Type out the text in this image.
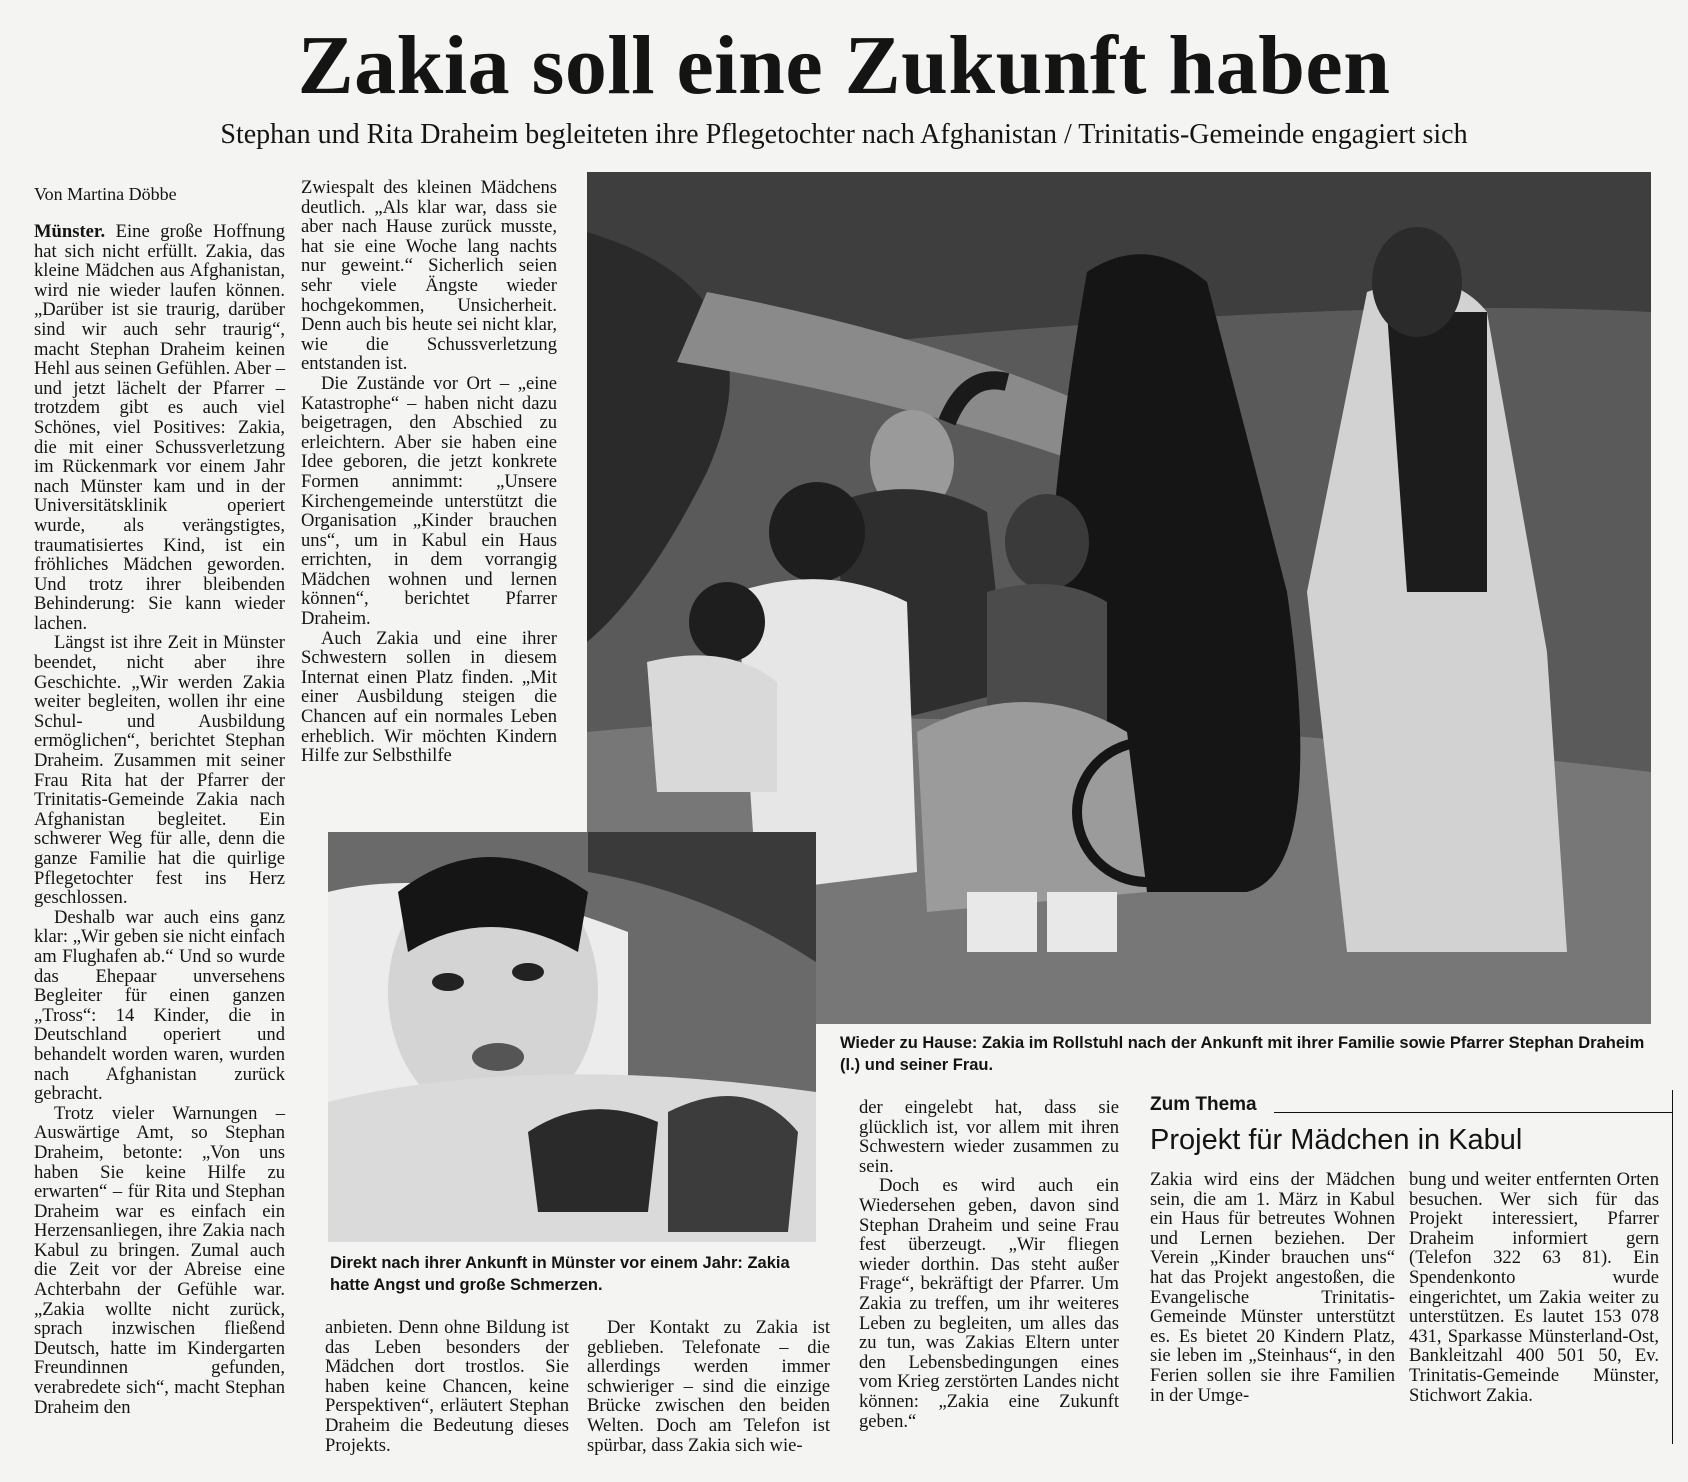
Zakia soll eine Zukunft haben
Stephan und Rita Draheim begleiteten ihre Pflegetochter nach Afghanistan / Trinitatis-Gemeinde engagiert sich
Von Martina Döbbe

Münster. Eine große Hoffnung hat sich nicht erfüllt. Zakia, das kleine Mädchen aus Afghanistan, wird nie wieder laufen können. „Darüber ist sie traurig, darüber sind wir auch sehr traurig“, macht Stephan Draheim keinen Hehl aus seinen Gefühlen. Aber – und jetzt lächelt der Pfarrer – trotzdem gibt es auch viel Schönes, viel Positives: Zakia, die mit einer Schussverletzung im Rückenmark vor einem Jahr nach Münster kam und in der Universitätsklinik operiert wurde, als verängstigtes, traumatisiertes Kind, ist ein fröhliches Mädchen geworden. Und trotz ihrer bleibenden Behinderung: Sie kann wieder lachen.

Längst ist ihre Zeit in Münster beendet, nicht aber ihre Geschichte. „Wir werden Zakia weiter begleiten, wollen ihr eine Schul- und Ausbildung ermöglichen“, berichtet Stephan Draheim. Zusammen mit seiner Frau Rita hat der Pfarrer der Trinitatis-Gemeinde Zakia nach Afghanistan begleitet. Ein schwerer Weg für alle, denn die ganze Familie hat die quirlige Pflegetochter fest ins Herz geschlossen.

Deshalb war auch eins ganz klar: „Wir geben sie nicht einfach am Flughafen ab.“ Und so wurde das Ehepaar unversehens Begleiter für einen ganzen „Tross“: 14 Kinder, die in Deutschland operiert und behandelt worden waren, wurden nach Afghanistan zurück gebracht.

Trotz vieler Warnungen – Auswärtige Amt, so Stephan Draheim, betonte: „Von uns haben Sie keine Hilfe zu erwarten“ – für Rita und Stephan Draheim war es einfach ein Herzensanliegen, ihre Zakia nach Kabul zu bringen. Zumal auch die Zeit vor der Abreise eine Achterbahn der Gefühle war. „Zakia wollte nicht zurück, sprach inzwischen fließend Deutsch, hatte im Kindergarten Freundinnen gefunden, verabredete sich“, macht Stephan Draheim den

Zwiespalt des kleinen Mädchens deutlich. „Als klar war, dass sie aber nach Hause zurück musste, hat sie eine Woche lang nachts nur geweint.“ Sicherlich seien sehr viele Ängste wieder hochgekommen, Unsicherheit. Denn auch bis heute sei nicht klar, wie die Schussverletzung entstanden ist.

Die Zustände vor Ort – „eine Katastrophe“ – haben nicht dazu beigetragen, den Abschied zu erleichtern. Aber sie haben eine Idee geboren, die jetzt konkrete Formen annimmt: „Unsere Kirchengemeinde unterstützt die Organisation „Kinder brauchen uns“, um in Kabul ein Haus errichten, in dem vorrangig Mädchen wohnen und lernen können“, berichtet Pfarrer Draheim.

Auch Zakia und eine ihrer Schwestern sollen in diesem Internat einen Platz finden. „Mit einer Ausbildung steigen die Chancen auf ein normales Leben erheblich. Wir möchten Kindern Hilfe zur Selbsthilfe

Direkt nach ihrer Ankunft in Münster vor einem Jahr: Zakia hatte Angst und große Schmerzen.
Wieder zu Hause: Zakia im Rollstuhl nach der Ankunft mit ihrer Familie sowie Pfarrer Stephan Draheim (l.) und seiner Frau.

anbieten. Denn ohne Bildung ist das Leben besonders der Mädchen dort trostlos. Sie haben keine Chancen, keine Perspektiven“, erläutert Stephan Draheim die Bedeutung dieses Projekts.

Der Kontakt zu Zakia ist geblieben. Telefonate – die allerdings werden immer schwieriger – sind die einzige Brücke zwischen den beiden Welten. Doch am Telefon ist spürbar, dass Zakia sich wie-

der eingelebt hat, dass sie glücklich ist, vor allem mit ihren Schwestern wieder zusammen zu sein.

Doch es wird auch ein Wiedersehen geben, davon sind Stephan Draheim und seine Frau fest überzeugt. „Wir fliegen wieder dorthin. Das steht außer Frage“, bekräftigt der Pfarrer. Um Zakia zu treffen, um ihr weiteres Leben zu begleiten, um alles das zu tun, was Zakias Eltern unter den Lebensbedingungen eines vom Krieg zerstörten Landes nicht können: „Zakia eine Zukunft geben.“

Zum Thema
Projekt für Mädchen in Kabul

Zakia wird eins der Mädchen sein, die am 1. März in Kabul ein Haus für betreutes Wohnen und Lernen beziehen. Der Verein „Kinder brauchen uns“ hat das Projekt angestoßen, die Evangelische Trinitatis-Gemeinde Münster unterstützt es. Es bietet 20 Kindern Platz, sie leben im „Steinhaus“, in den Ferien sollen sie ihre Familien in der Umge-

bung und weiter entfernten Orten besuchen. Wer sich für das Projekt interessiert, Pfarrer Draheim informiert gern (Telefon 322 63 81). Ein Spendenkonto wurde eingerichtet, um Zakia weiter zu unterstützen. Es lautet 153 078 431, Sparkasse Münsterland-Ost, Bankleitzahl 400 501 50, Ev. Trinitatis-Gemeinde Münster, Stichwort Zakia.
